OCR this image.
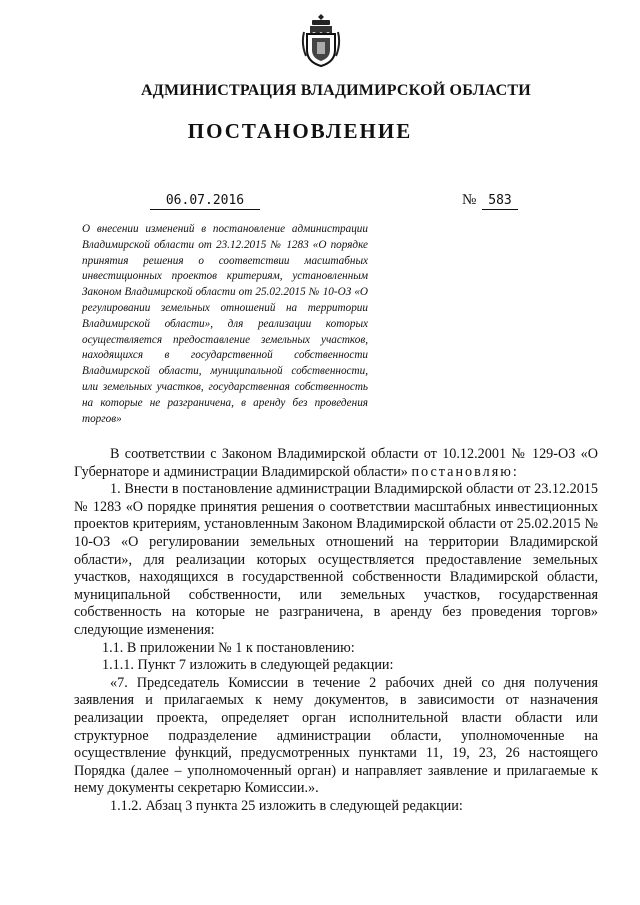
АДМИНИСТРАЦИЯ ВЛАДИМИРСКОЙ ОБЛАСТИ
ПОСТАНОВЛЕНИЕ
06.07.2016	№ 583

О внесении изменений в постановление администрации Владимирской области от 23.12.2015 № 1283 «О порядке принятия решения о соответствии масштабных инвестиционных проектов критериям, установленным Законом Владимирской области от 25.02.2015 № 10-ОЗ «О регулировании земельных отношений на территории Владимирской области», для реализации которых осуществляется предоставление земельных участков, находящихся в государственной собственности Владимирской области, муниципальной собственности, или земельных участков, государственная собственность на которые не разграничена, в аренду без проведения торгов»

В соответствии с Законом Владимирской области от 10.12.2001 № 129-ОЗ «О Губернаторе и администрации Владимирской области» постановляю:

1. Внести в постановление администрации Владимирской области от 23.12.2015 № 1283 «О порядке принятия решения о соответствии масштабных инвестиционных проектов критериям, установленным Законом Владимирской области от 25.02.2015 № 10-ОЗ «О регулировании земельных отношений на территории Владимирской области», для реализации которых осуществляется предоставление земельных участков, находящихся в государственной собственности Владимирской области, муниципальной собственности, или земельных участков, государственная собственность на которые не разграничена, в аренду без проведения торгов» следующие изменения:

1.1. В приложении № 1 к постановлению:

1.1.1. Пункт 7 изложить в следующей редакции:

«7. Председатель Комиссии в течение 2 рабочих дней со дня получения заявления и прилагаемых к нему документов, в зависимости от назначения реализации проекта, определяет орган исполнительной власти области или структурное подразделение администрации области, уполномоченные на осуществление функций, предусмотренных пунктами 11, 19, 23, 26 настоящего Порядка (далее – уполномоченный орган) и направляет заявление и прилагаемые к нему документы секретарю Комиссии.».

1.1.2. Абзац 3 пункта 25 изложить в следующей редакции:
